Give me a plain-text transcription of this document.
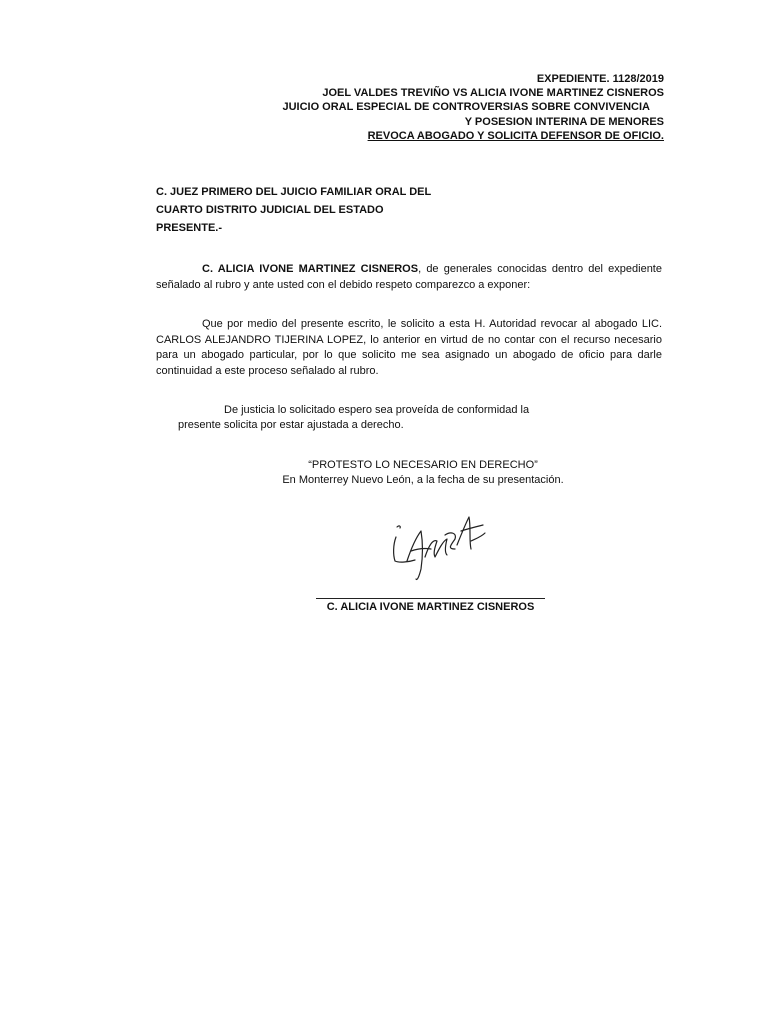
EXPEDIENTE. 1128/2019
JOEL VALDES TREVIÑO VS ALICIA IVONE MARTINEZ CISNEROS
JUICIO ORAL ESPECIAL DE CONTROVERSIAS SOBRE CONVIVENCIA
Y POSESION INTERINA DE MENORES
REVOCA ABOGADO Y SOLICITA DEFENSOR DE OFICIO.
C. JUEZ PRIMERO DEL JUICIO FAMILIAR ORAL DEL
CUARTO DISTRITO JUDICIAL DEL ESTADO
PRESENTE.-
C. ALICIA IVONE MARTINEZ CISNEROS, de generales conocidas dentro del expediente señalado al rubro y ante usted con el debido respeto comparezco a exponer:
Que por medio del presente escrito, le solicito a esta H. Autoridad revocar al abogado LIC. CARLOS ALEJANDRO TIJERINA LOPEZ, lo anterior en virtud de no contar con el recurso necesario para un abogado particular, por lo que solicito me sea asignado un abogado de oficio para darle continuidad a este proceso señalado al rubro.
De justicia lo solicitado espero sea proveída de conformidad la
presente solicita por estar ajustada a derecho.
“PROTESTO LO NECESARIO EN DERECHO”
En Monterrey Nuevo León, a la fecha de su presentación.
C. ALICIA IVONE MARTINEZ CISNEROS
